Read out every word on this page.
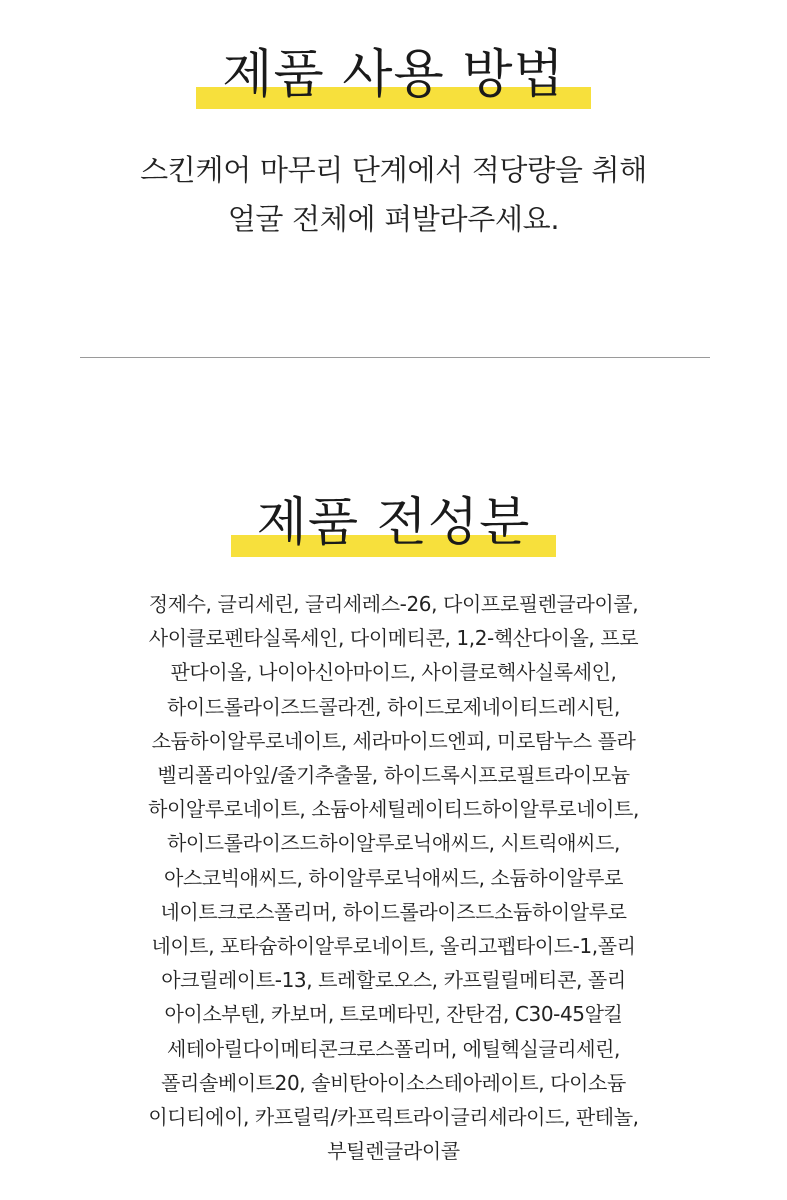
제품 사용 방법
스킨케어 마무리 단계에서 적당량을 취해
얼굴 전체에 펴발라주세요.
제품 전성분
정제수, 글리세린, 글리세레스-26, 다이프로필렌글라이콜,
사이클로펜타실록세인, 다이메티콘, 1,2-헥산다이올, 프로
판다이올, 나이아신아마이드, 사이클로헥사실록세인,
하이드롤라이즈드콜라겐, 하이드로제네이티드레시틴,
소듐하이알루로네이트, 세라마이드엔피, 미로탐누스 플라
벨리폴리아잎/줄기추출물, 하이드록시프로필트라이모늄
하이알루로네이트, 소듐아세틸레이티드하이알루로네이트,
하이드롤라이즈드하이알루로닉애씨드, 시트릭애씨드,
아스코빅애씨드, 하이알루로닉애씨드, 소듐하이알루로
네이트크로스폴리머, 하이드롤라이즈드소듐하이알루로
네이트, 포타슘하이알루로네이트, 올리고펩타이드-1,폴리
아크릴레이트-13, 트레할로오스, 카프릴릴메티콘, 폴리
아이소부텐, 카보머, 트로메타민, 잔탄검, C30-45알킬
세테아릴다이메티콘크로스폴리머, 에틸헥실글리세린,
폴리솔베이트20, 솔비탄아이소스테아레이트, 다이소듐
이디티에이, 카프릴릭/카프릭트라이글리세라이드, 판테놀,
부틸렌글라이콜
